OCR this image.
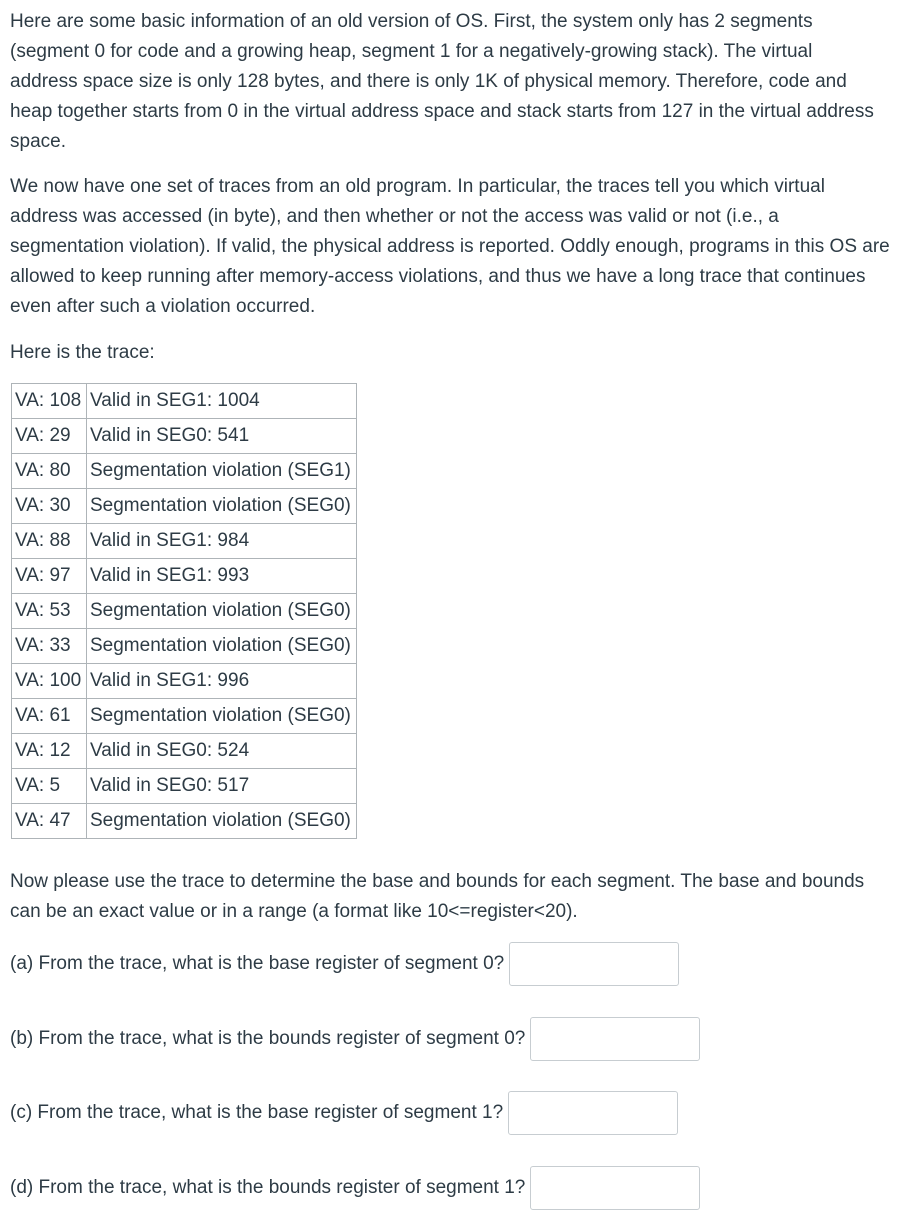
Here are some basic information of an old version of OS. First, the system only has 2 segments (segment 0 for code and a growing heap, segment 1 for a negatively-growing stack). The virtual address space size is only 128 bytes, and there is only 1K of physical memory. Therefore, code and heap together starts from 0 in the virtual address space and stack starts from 127 in the virtual address space.

We now have one set of traces from an old program. In particular, the traces tell you which virtual address was accessed (in byte), and then whether or not the access was valid or not (i.e., a segmentation violation). If valid, the physical address is reported. Oddly enough, programs in this OS are allowed to keep running after memory-access violations, and thus we have a long trace that continues even after such a violation occurred.

Here is the trace:

VA: 108	Valid in SEG1: 1004
VA: 29	Valid in SEG0: 541
VA: 80	Segmentation violation (SEG1)
VA: 30	Segmentation violation (SEG0)
VA: 88	Valid in SEG1: 984
VA: 97	Valid in SEG1: 993
VA: 53	Segmentation violation (SEG0)
VA: 33	Segmentation violation (SEG0)
VA: 100	Valid in SEG1: 996
VA: 61	Segmentation violation (SEG0)
VA: 12	Valid in SEG0: 524
VA: 5	Valid in SEG0: 517
VA: 47	Segmentation violation (SEG0)

Now please use the trace to determine the base and bounds for each segment. The base and bounds can be an exact value or in a range (a format like 10<=register<20).

(a) From the trace, what is the base register of segment 0?
(b) From the trace, what is the bounds register of segment 0?
(c) From the trace, what is the base register of segment 1?
(d) From the trace, what is the bounds register of segment 1?
